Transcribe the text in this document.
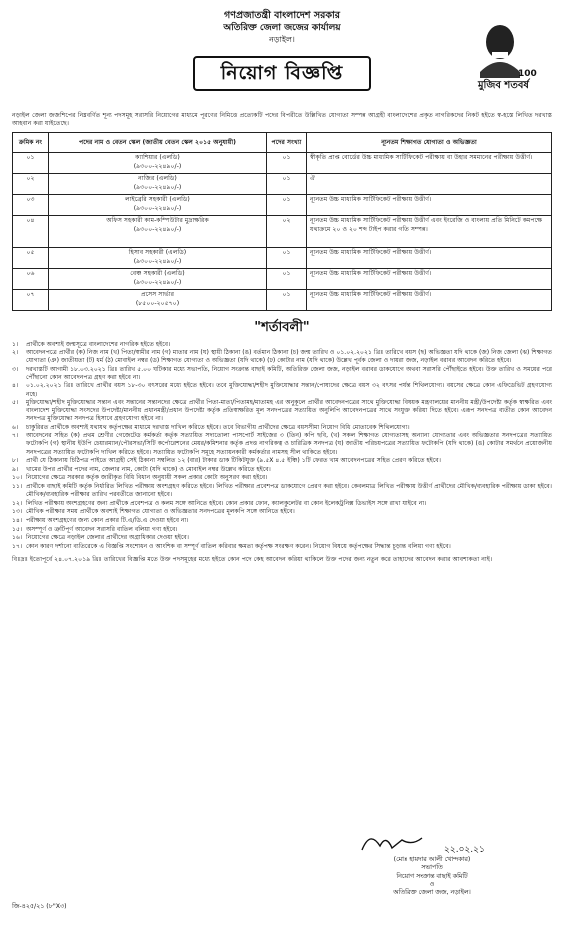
গণপ্রজাতন্ত্রী বাংলাদেশ সরকার
অতিরিক্ত জেলা জজের কার্যালয়
নড়াইল।
নিয়োগ বিজ্ঞপ্তি
মুজিব শতবর্ষ
100
নড়াইল জেলা জজশিপের নিম্নবর্ণিত শূন্য পদসমূহ সরাসরি নিয়োগের মাধ্যমে পূরণের নিমিত্তে প্রত্যেকটি পদের বিপরীতে উল্লিখিত যোগ্যতা সম্পন্ন আগ্রহী বাংলাদেশের প্রকৃত নাগরিকদের নিকট হইতে স্ব-হস্তে লিখিত দরখাস্ত আহবান করা যাইতেছে।
ক্রমিক নং	পদের নাম ও বেতন স্কেল (জাতীয় বেতন স্কেল ২০১৫ অনুযায়ী)	পদের সংখ্যা	ন্যূনতম শিক্ষাগত যোগ্যতা ও অভিজ্ঞতা
০১	ক্যাশিয়ার (এলডি)
(৯৩০০-২২৪৯০/-)	০১	স্বীকৃতি প্রাপ্ত বোর্ডের উচ্চ মাধ্যমিক সার্টিফিকেট পরীক্ষায় বা উহার সমমানের পরীক্ষায় উত্তীর্ণ।
০২	নাজির (এলডি)
(৯৩০০-২২৪৯০/-)	০১	ঐ
০৩	লাইব্রেরি সহকারী (এলডি)
(৯৩০০-২২৪৯০/-)	০১	ন্যূনতম উচ্চ মাধ্যমিক সার্টিফিকেট পরীক্ষায় উত্তীর্ণ।
০৪	অফিস সহকারী কাম-কম্পিউটার মুদ্রাক্ষরিক
(৯৩০০-২২৪৯০/-)	০২	ন্যূনতম উচ্চ মাধ্যমিক সার্টিফিকেট পরীক্ষায় উত্তীর্ণ এবং ইংরেজি ও বাংলায় প্রতি মিনিটে কমপক্ষে যথাক্রমে ২০ ও ২০ শব্দ টাইপ করার গতি সম্পন্ন।
০৫	হিসাব সহকারী (এলডি)
(৯৩০০-২২৪৯০/-)	০১	ন্যূনতম উচ্চ মাধ্যমিক সার্টিফিকেট পরীক্ষায় উত্তীর্ণ।
০৬	বেঞ্চ সহকারী (এলডি)
(৯৩০০-২২৪৯০/-)	০১	ন্যূনতম উচ্চ মাধ্যমিক সার্টিফিকেট পরীক্ষায় উত্তীর্ণ।
০৭	প্রসেস সার্ভার
(৮৫০০-২০৫৭০)	০১	ন্যূনতম উচ্চ মাধ্যমিক সার্টিফিকেট পরীক্ষায় উত্তীর্ণ।
"শর্তাবলী"
১।	প্রার্থীকে অবশ্যই জন্মসূত্রে বাংলাদেশের নাগরিক হইতে হইবে।
২।	আবেদনপত্রে প্রার্থীর (ক) নিজ নাম (খ) পিতা/স্বামীর নাম (গ) মাতার নাম (ঘ) স্থায়ী ঠিকানা (ঙ) বর্তমান ঠিকানা (চ) জন্ম তারিখ ও ০১.০২.২০২১ খ্রিঃ তারিখে বয়স (ছ) অভিজ্ঞতা যদি থাকে (জ) নিজ জেলা (ঝ) শিক্ষাগত যোগ্যতা (ঞ) জাতীয়তা (ট) ধর্ম (ঠ) মোবাইল নম্বর (ড) শিক্ষাগত যোগ্যতা ও অভিজ্ঞতা (যদি থাকে) (ঢ) কোটার নাম (যদি থাকে) উল্লেখ পূর্বক জেলা ও দায়রা জজ, নড়াইল বরাবর আবেদন করিতে হইবে।
৩।	দরখাস্তটি আগামী ১৮.০৩.২০২১ খ্রিঃ তারিখ ৫.০০ ঘটিকার মধ্যে সভাপতি, নিয়োগ সংক্রান্ত বাছাই কমিটি, অতিরিক্ত জেলা জজ, নড়াইল বরাবর ডাকযোগে অথবা সরাসরি পৌঁছাইতে হইবে। উক্ত তারিখ ও সময়ের পরে পৌঁছানো কোন আবেদনপত্র গ্রহণ করা হইবে না।
৪।	০১.০২.২০২১ খ্রিঃ তারিখে প্রার্থীর বয়স ১৮-৩০ বৎসরের মধ্যে হইতে হইবে। তবে মুক্তিযোদ্ধা/শহীদ মুক্তিযোদ্ধার সন্তান/পোষ্যদের ক্ষেত্রে বয়স ৩২ বৎসর পর্যন্ত শিথিলযোগ্য। বয়সের ক্ষেত্রে কোন এফিডেভিট গ্রহণযোগ্য নহে।
৫।	মুক্তিযোদ্ধা/শহীদ মুক্তিযোদ্ধার সন্তান এবং সন্তানের সন্তানদের ক্ষেত্রে প্রার্থীর পিতা-মাতা/পিতামহ/মাতামহ এর অনুকূলে প্রার্থীর আবেদনপত্রের সাথে মুক্তিযোদ্ধা বিষয়ক মন্ত্রণালয়ের মাননীয় মন্ত্রী/উপদেষ্টা কর্তৃক স্বাক্ষরিত এবং বাংলাদেশ মুক্তিযোদ্ধা সংসদের উপদেষ্টা/মাননীয় প্রধানমন্ত্রী/প্রধান উপদেষ্টা কর্তৃক প্রতিস্বাক্ষরিত মূল সনদপত্রের সত্যায়িত অনুলিপি আবেদনপত্রের সাথে সংযুক্ত করিয়া দিতে হইবে। এরূপ সনদপত্র ব্যতীত কোন আবেদন সনদপত্র মুক্তিযোদ্ধা সনদপত্র হিসাবে গ্রহণযোগ্য হইবে না।
৬।	চাকুরিরত প্রার্থীকে অবশ্যই যথাযথ কর্তৃপক্ষের মাধ্যমে দরখাস্ত দাখিল করিতে হইবে। তবে বিভাগীয় প্রার্থীদের ক্ষেত্রে বয়সসীমা নিয়োগ বিধি মোতাবেক শিথিলযোগ্য।
৭।	আবেদনের সহিত (ক) প্রথম শ্রেণীর গেজেটেড কর্মকর্তা কর্তৃক সত্যায়িত সদ্যতোলা পাসপোর্ট সাইজের ৩ (তিন) কপি ছবি, (খ) সকল শিক্ষাগত যোগ্যতাসহ অন্যান্য যোগ্যতার এবং অভিজ্ঞতার সনদপত্রের সত্যায়িত ফটোকপি (গ) স্থানীয় ইউপি চেয়ারম্যান/পৌরসভা/সিটি কর্পোরেশনের মেয়র/কমিশনার কর্তৃক প্রদত্ত নাগরিকত্ব ও চারিত্রিক সনদপত্র (ঘ) জাতীয় পরিচয়পত্রের সত্যায়িত ফটোকপি (যদি থাকে) (ঙ) কোটার সমর্থনে প্রয়োজনীয় সনদপত্রের সত্যায়িত ফটোকপি দাখিল করিতে হইবে। সত্যায়িত ফটোকপি সমূহে সত্যায়নকারী কর্মকর্তার নামসহ সীল থাকিতে হইবে।
৮।	প্রার্থী যে ঠিকানায় চিঠিপত্র পাইতে আগ্রহী সেই ঠিকানা সম্বলিত ১২ (বার) টাকার ডাক টিকিটযুক্ত (৯.৫X ৪.৫ ইঞ্চি) ১টি ফেরত খাম আবেদনপত্রের সহিত প্রেরণ করিতে হইবে।
৯।	খামের উপর প্রার্থীর পদের নাম, জেলার নাম, কোটা (যদি থাকে) ও মোবাইল নম্বর উল্লেখ করিতে হইবে।
১০। নিয়োগের ক্ষেত্রে সরকার কর্তৃক জারীকৃত বিধি বিধান অনুযায়ী সকল প্রকার কোটা অনুসরণ করা হইবে।
১১। প্রার্থীকে বাছাই কমিটি কর্তৃক নির্ধারিত লিখিত পরীক্ষায় অংশগ্রহণ করিতে হইবে। লিখিত পরীক্ষার প্রবেশপত্র ডাকযোগে প্রেরণ করা হইবে। কেবলমাত্র লিখিত পরীক্ষায় উত্তীর্ণ প্রার্থীদের মৌখিক/ব্যবহারিক পরীক্ষায় ডাকা হইবে। মৌখিক/ব্যবহারিক পরীক্ষার তারিখ পরবর্তীতে জানানো হইবে।
১২। লিখিত পরীক্ষায় অংশগ্রহণের জন্য প্রার্থীকে প্রবেশপত্র ও কলম সঙ্গে আনিতে হইবে। কোন প্রকার ফোন, ক্যালকুলেটর বা কোন ইলেকট্রনিক্স ডিভাইস সঙ্গে রাখা যাইবে না।
১৩। মৌখিক পরীক্ষার সময় প্রার্থীকে অবশ্যই শিক্ষাগত যোগ্যতা ও অভিজ্ঞতার সনদপত্রের মূলকপি সঙ্গে আনিতে হইবে।
১৪। পরীক্ষায় অংশগ্রহণের জন্য কোন প্রকার টি.এ/ডি.এ দেওয়া হইবে না।
১৫। অসম্পূর্ণ ও ত্রুটিপূর্ণ আবেদন সরাসরি বাতিল বলিয়া গণ্য হইবে।
১৬। নিয়োগের ক্ষেত্রে নড়াইল জেলার প্রার্থীদের অগ্রাধিকার দেওয়া হইবে।
১৭। কোন কারণ দর্শানো ব্যতিরেকে এ বিজ্ঞপ্তি সংশোধন ও আংশিক বা সম্পূর্ণ বাতিল করিবার ক্ষমতা কর্তৃপক্ষ সংরক্ষণ করেন। নিয়োগ বিষয়ে কর্তৃপক্ষের সিদ্ধান্ত চূড়ান্ত বলিয়া গণ্য হইবে।
বিঃদ্রঃ ইতোপূর্বে ২৪.০৭.২০১৯ খ্রিঃ তারিখের বিজ্ঞপ্তি মতে উক্ত পদসমূহের মধ্যে হইতে কোন পদে কেহ আবেদন করিয়া থাকিলে উক্ত পদের জন্য নতুন করে তাহাদের আবেদন করার আবশ্যকতা নাই।
২২.০২.২১
(মোঃ হায়দার আলী খোন্দকার)
সভাপতি
নিয়োগ সংক্রান্ত বাছাই কমিটি
ও
অতিরিক্ত জেলা জজ, নড়াইল।
জি-৪২৫/২১ (৮"X৩)
